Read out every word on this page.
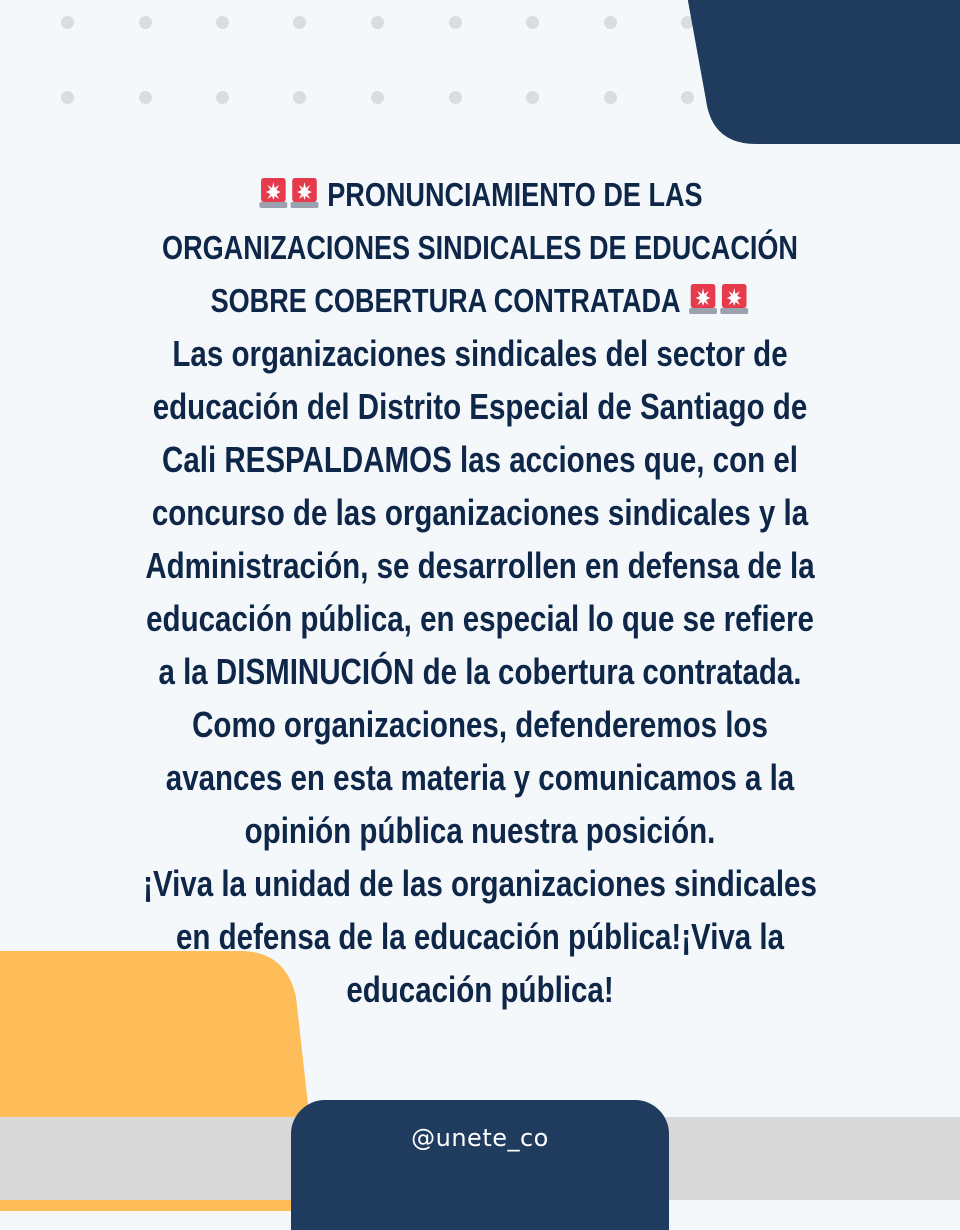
@unete_co
PRONUNCIAMIENTO DE LAS ORGANIZACIONES SINDICALES DE EDUCACIÓN SOBRE COBERTURA CONTRATADA
Las organizaciones sindicales del sector de educación del Distrito Especial de Santiago de Cali RESPALDAMOS las acciones que, con el concurso de las organizaciones sindicales y la Administración, se desarrollen en defensa de la educación pública, en especial lo que se refiere a la DISMINUCIÓN de la cobertura contratada.
Como organizaciones, defenderemos los avances en esta materia y comunicamos a la opinión pública nuestra posición.
¡Viva la unidad de las organizaciones sindicales en defensa de la educación pública!¡Viva la educación pública!
